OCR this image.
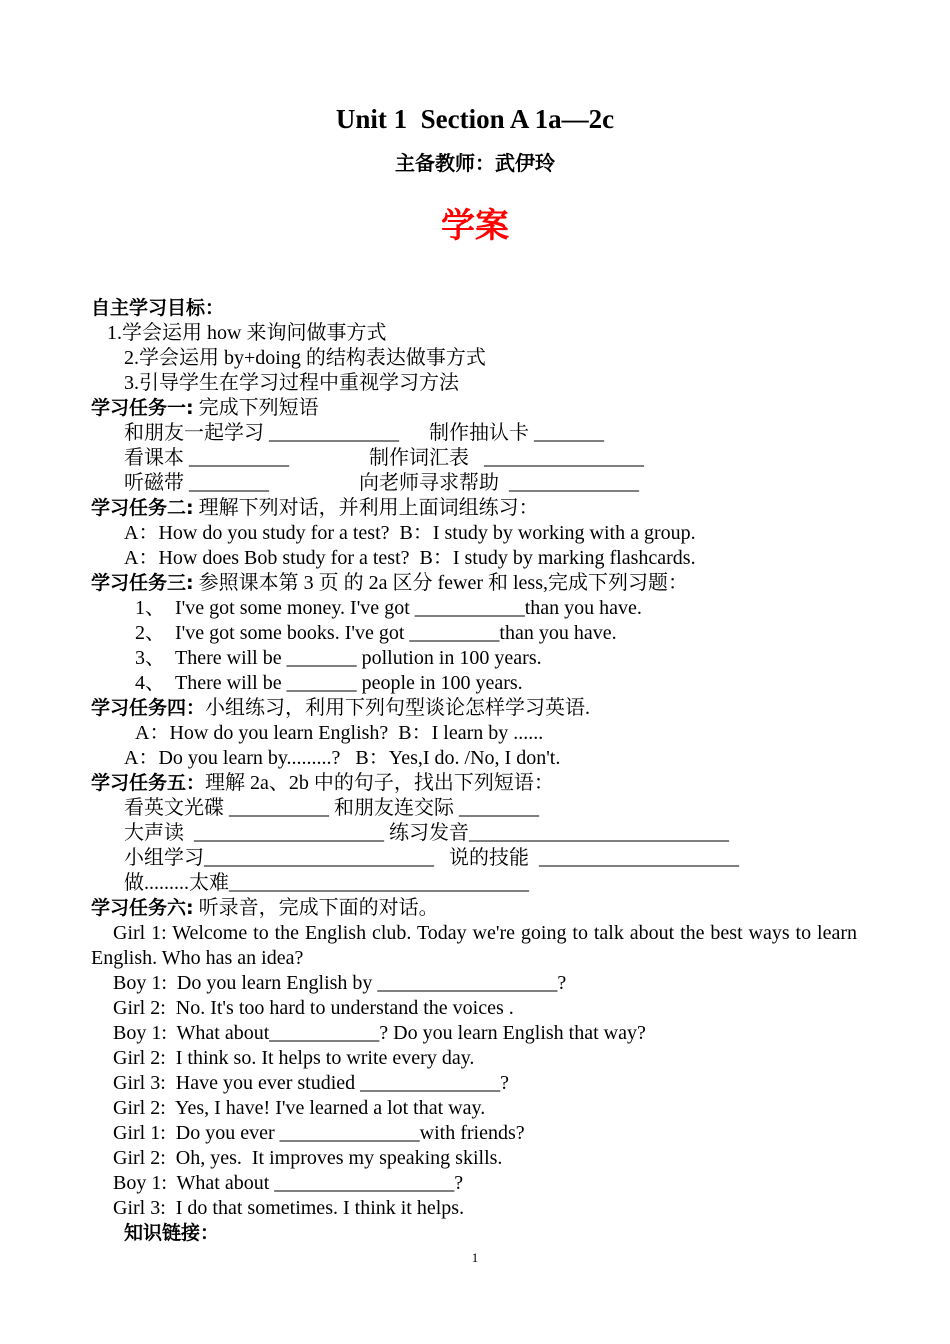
Unit 1  Section A 1a—2c
主备教师：武伊玲
学案
自主学习目标：
1.学会运用 how 来询问做事方式
2.学会运用 by+doing 的结构表达做事方式
3.引导学生在学习过程中重视学习方法
学习任务一: 完成下列短语
和朋友一起学习 _____________      制作抽认卡 _______
看课本 __________                制作词汇表   ________________
听磁带 ________                  向老师寻求帮助  _____________
学习任务二: 理解下列对话，并利用上面词组练习：
A：How do you study for a test?  B：I study by working with a group.
A：How does Bob study for a test?  B：I study by marking flashcards.
学习任务三: 参照课本第 3 页 的 2a 区分 fewer 和 less,完成下列习题：
1、  I've got some money. I've got ___________than you have.
2、  I've got some books. I've got _________than you have.
3、  There will be _______ pollution in 100 years.
4、  There will be _______ people in 100 years.
学习任务四：小组练习，利用下列句型谈论怎样学习英语.
A：How do you learn English?  B：I learn by ......
A：Do you learn by.........?   B：Yes,I do. /No, I don't.
学习任务五：理解 2a、2b 中的句子，找出下列短语：
看英文光碟 __________ 和朋友连交际 ________
大声读  ___________________ 练习发音__________________________
小组学习_______________________   说的技能  ____________________
做.........太难______________________________
学习任务六: 听录音，完成下面的对话。
Girl 1: Welcome to the English club. Today we're going to talk about the best ways to learn English. Who has an idea?
Boy 1:  Do you learn English by __________________?
Girl 2:  No. It's too hard to understand the voices .
Boy 1:  What about___________? Do you learn English that way?
Girl 2:  I think so. It helps to write every day.
Girl 3:  Have you ever studied ______________?
Girl 2:  Yes, I have! I've learned a lot that way.
Girl 1:  Do you ever ______________with friends?
Girl 2:  Oh, yes.  It improves my speaking skills.
Boy 1:  What about __________________?
Girl 3:  I do that sometimes. I think it helps.
知识链接：
1
